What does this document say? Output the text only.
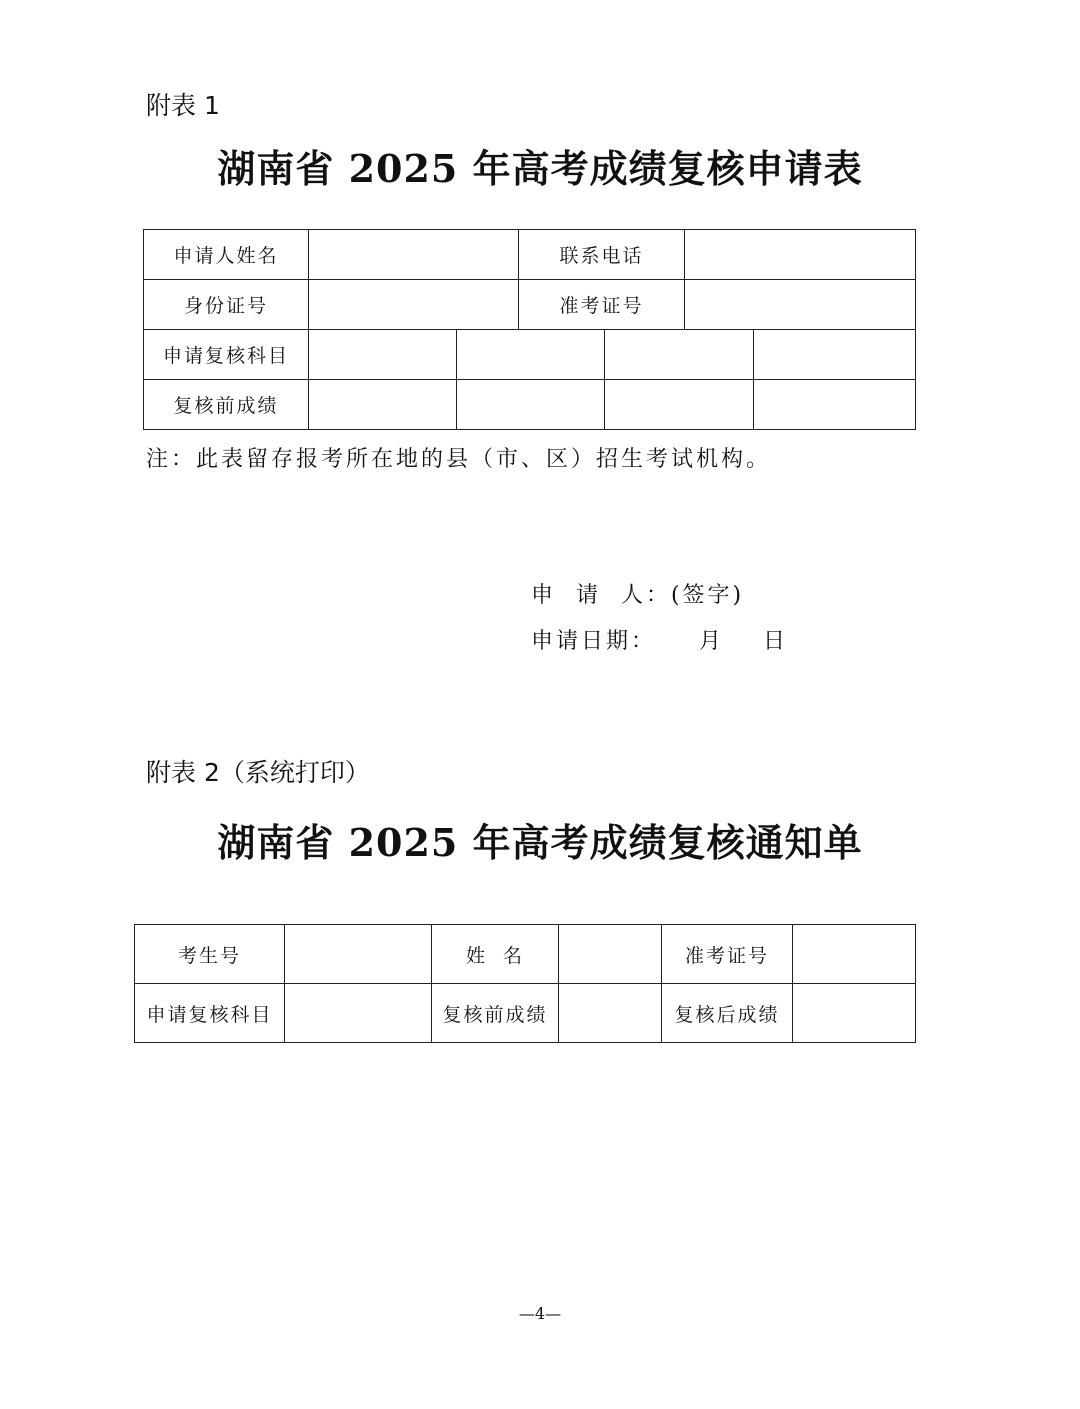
附表 1
湖南省 2025 年高考成绩复核申请表
申请人姓名			联系电话			
身份证号			准考证号			
申请复核科目						
复核前成绩						
注：此表留存报考所在地的县（市、区）招生考试机构。
申  请  人：(签字)
申请日期： 月 日
附表 2（系统打印）
湖南省 2025 年高考成绩复核通知单
考生号		姓  名		准考证号	
申请复核科目		复核前成绩		复核后成绩	
—4—
